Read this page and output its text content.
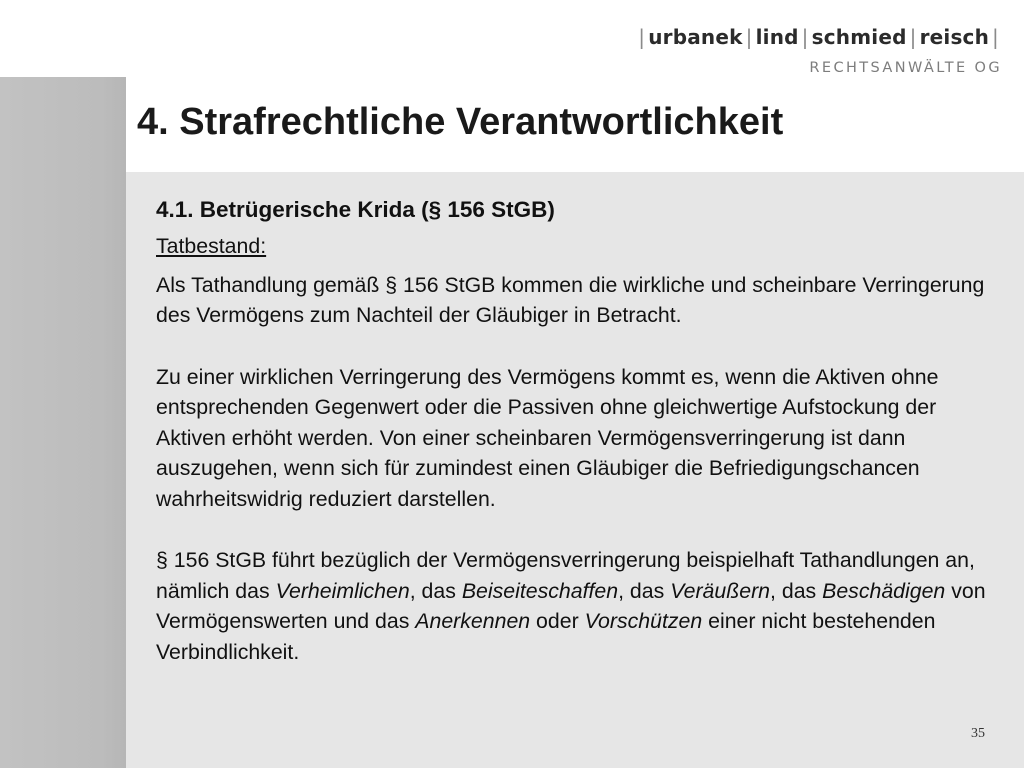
| urbanek | lind | schmied | reisch |
RECHTSANWÄLTE OG
4. Strafrechtliche Verantwortlichkeit
4.1. Betrügerische Krida (§ 156 StGB)
Tatbestand:

Als Tathandlung gemäß § 156 StGB kommen die wirkliche und scheinbare Verringerung des Vermögens zum Nachteil der Gläubiger in Betracht.

Zu einer wirklichen Verringerung des Vermögens kommt es, wenn die Aktiven ohne entsprechenden Gegenwert oder die Passiven ohne gleichwertige Aufstockung der Aktiven erhöht werden. Von einer scheinbaren Vermögensverringerung ist dann auszugehen, wenn sich für zumindest einen Gläubiger die Befriedigungschancen wahrheitswidrig reduziert darstellen.

§ 156 StGB führt bezüglich der Vermögensverringerung beispielhaft Tathandlungen an, nämlich das Verheimlichen, das Beiseiteschaffen, das Veräußern, das Beschädigen von Vermögenswerten und das Anerkennen oder Vorschützen einer nicht bestehenden Verbindlichkeit.

35
